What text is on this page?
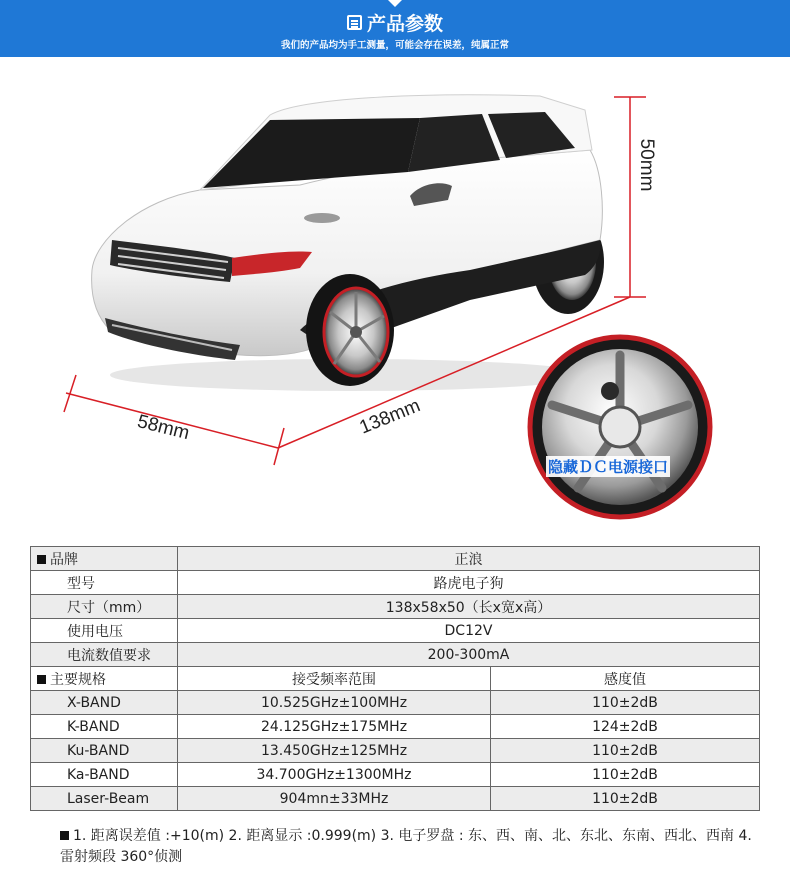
产品参数
我们的产品均为手工测量，可能会存在误差，纯属正常
50mm
58mm	138mm
隐藏ＤＣ电源接口
品牌	正浪	
型号	路虎电子狗	
尺寸（mm）	138x58x50（长x宽x高）	
使用电压	DC12V	
电流数值要求	200-300mA	
主要规格	接受频率范围	感度值
X-BAND	10.525GHz±100MHz	110±2dB
K-BAND	24.125GHz±175MHz	124±2dB
Ku-BAND	13.450GHz±125MHz	110±2dB
Ka-BAND	34.700GHz±1300MHz	110±2dB
Laser-Beam	904mn±33MHz	110±2dB
1. 距离误差值 :+10(m) 2. 距离显示 :0.999(m) 3. 电子罗盘 : 东、西、南、北、东北、东南、西北、西南 4. 雷射频段 360°侦测
